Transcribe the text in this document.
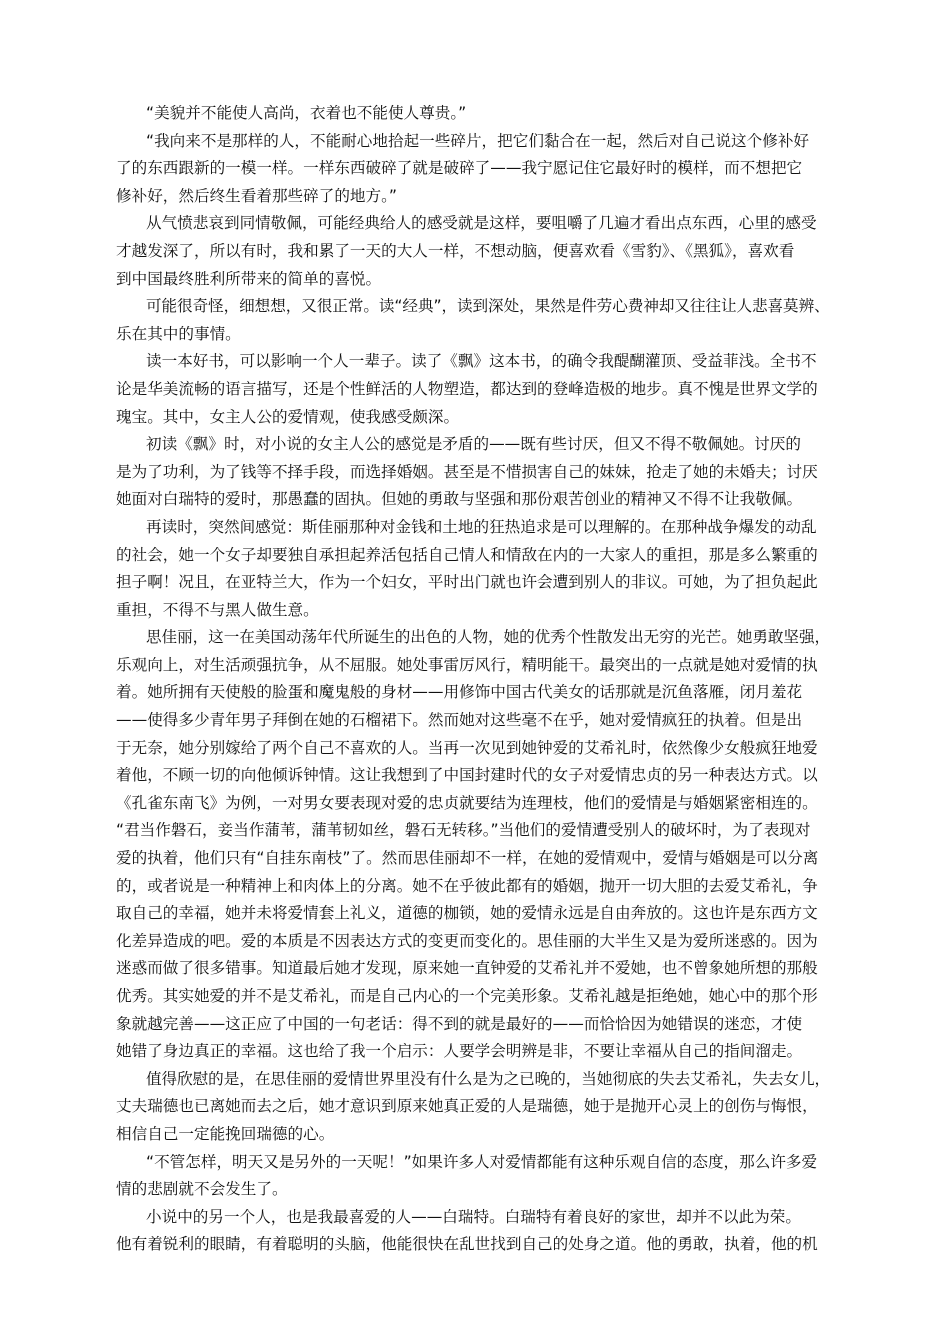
“美貌并不能使人高尚，衣着也不能使人尊贵。”
“我向来不是那样的人，不能耐心地拾起一些碎片，把它们黏合在一起，然后对自己说这个修补好
了的东西跟新的一模一样。一样东西破碎了就是破碎了——我宁愿记住它最好时的模样，而不想把它
修补好，然后终生看着那些碎了的地方。”
从气愤悲哀到同情敬佩，可能经典给人的感受就是这样，要咀嚼了几遍才看出点东西，心里的感受
才越发深了，所以有时，我和累了一天的大人一样，不想动脑，便喜欢看《雪豹》、《黑狐》，喜欢看
到中国最终胜利所带来的简单的喜悦。
可能很奇怪，细想想，又很正常。读“经典”，读到深处，果然是件劳心费神却又往往让人悲喜莫辨、
乐在其中的事情。
读一本好书，可以影响一个人一辈子。读了《飘》这本书，的确令我醍醐灌顶、受益菲浅。全书不
论是华美流畅的语言描写，还是个性鲜活的人物塑造，都达到的登峰造极的地步。真不愧是世界文学的
瑰宝。其中，女主人公的爱情观，使我感受颇深。
初读《飘》时，对小说的女主人公的感觉是矛盾的——既有些讨厌，但又不得不敬佩她。讨厌的
是为了功利，为了钱等不择手段，而选择婚姻。甚至是不惜损害自己的妹妹，抢走了她的未婚夫；讨厌
她面对白瑞特的爱时，那愚蠢的固执。但她的勇敢与坚强和那份艰苦创业的精神又不得不让我敬佩。
再读时，突然间感觉：斯佳丽那种对金钱和土地的狂热追求是可以理解的。在那种战争爆发的动乱
的社会，她一个女子却要独自承担起养活包括自己情人和情敌在内的一大家人的重担，那是多么繁重的
担子啊！况且，在亚特兰大，作为一个妇女，平时出门就也许会遭到别人的非议。可她，为了担负起此
重担，不得不与黑人做生意。
思佳丽，这一在美国动荡年代所诞生的出色的人物，她的优秀个性散发出无穷的光芒。她勇敢坚强，
乐观向上，对生活顽强抗争，从不屈服。她处事雷厉风行，精明能干。最突出的一点就是她对爱情的执
着。她所拥有天使般的脸蛋和魔鬼般的身材——用修饰中国古代美女的话那就是沉鱼落雁，闭月羞花
——使得多少青年男子拜倒在她的石榴裙下。然而她对这些毫不在乎，她对爱情疯狂的执着。但是出
于无奈，她分别嫁给了两个自己不喜欢的人。当再一次见到她钟爱的艾希礼时，依然像少女般疯狂地爱
着他，不顾一切的向他倾诉钟情。这让我想到了中国封建时代的女子对爱情忠贞的另一种表达方式。以
《孔雀东南飞》为例，一对男女要表现对爱的忠贞就要结为连理枝，他们的爱情是与婚姻紧密相连的。
“君当作磐石，妾当作蒲苇，蒲苇韧如丝，磐石无转移。”当他们的爱情遭受别人的破坏时，为了表现对
爱的执着，他们只有“自挂东南枝”了。然而思佳丽却不一样，在她的爱情观中，爱情与婚姻是可以分离
的，或者说是一种精神上和肉体上的分离。她不在乎彼此都有的婚姻，抛开一切大胆的去爱艾希礼，争
取自己的幸福，她并未将爱情套上礼义，道德的枷锁，她的爱情永远是自由奔放的。这也许是东西方文
化差异造成的吧。爱的本质是不因表达方式的变更而变化的。思佳丽的大半生又是为爱所迷惑的。因为
迷惑而做了很多错事。知道最后她才发现，原来她一直钟爱的艾希礼并不爱她，也不曾象她所想的那般
优秀。其实她爱的并不是艾希礼，而是自己内心的一个完美形象。艾希礼越是拒绝她，她心中的那个形
象就越完善——这正应了中国的一句老话：得不到的就是最好的——而恰恰因为她错误的迷恋，才使
她错了身边真正的幸福。这也给了我一个启示：人要学会明辨是非，不要让幸福从自己的指间溜走。
值得欣慰的是，在思佳丽的爱情世界里没有什么是为之已晚的，当她彻底的失去艾希礼，失去女儿，
丈夫瑞德也已离她而去之后，她才意识到原来她真正爱的人是瑞德，她于是抛开心灵上的创伤与悔恨，
相信自己一定能挽回瑞德的心。
“不管怎样，明天又是另外的一天呢！”如果许多人对爱情都能有这种乐观自信的态度，那么许多爱
情的悲剧就不会发生了。
小说中的另一个人，也是我最喜爱的人——白瑞特。白瑞特有着良好的家世，却并不以此为荣。
他有着锐利的眼睛，有着聪明的头脑，他能很快在乱世找到自己的处身之道。他的勇敢，执着，他的机
